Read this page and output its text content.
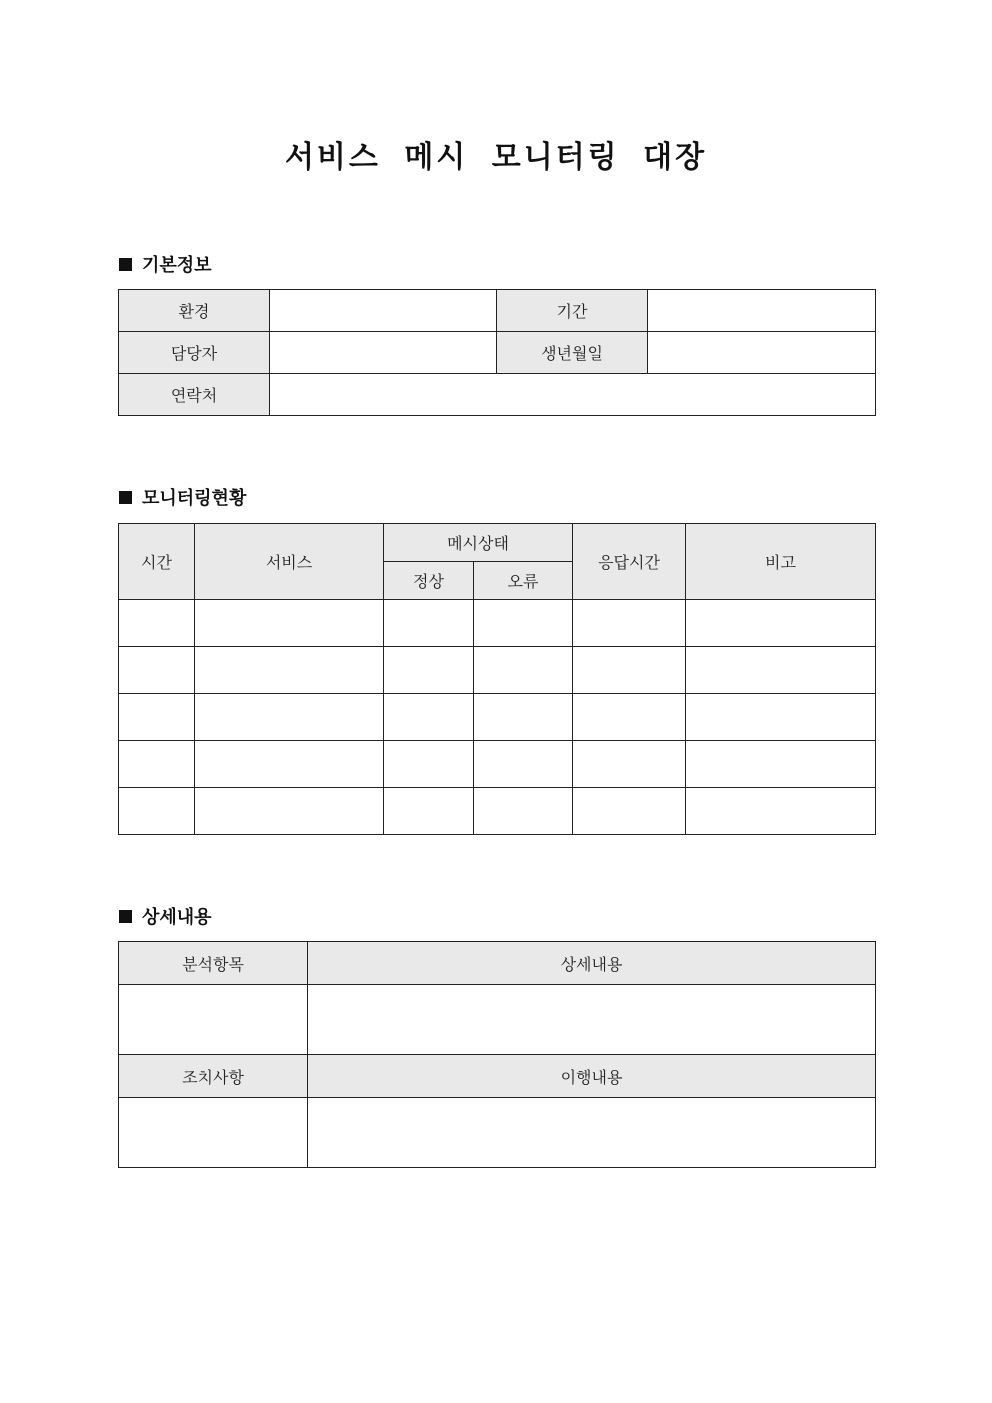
서비스 메시 모니터링 대장
기본정보
환경		기간	
담당자		생년월일	
연락처			
모니터링현황
시간	서비스	메시상태		응답시간	비고
		정상	오류		

상세내용
분석항목	상세내용

조치사항	이행내용
